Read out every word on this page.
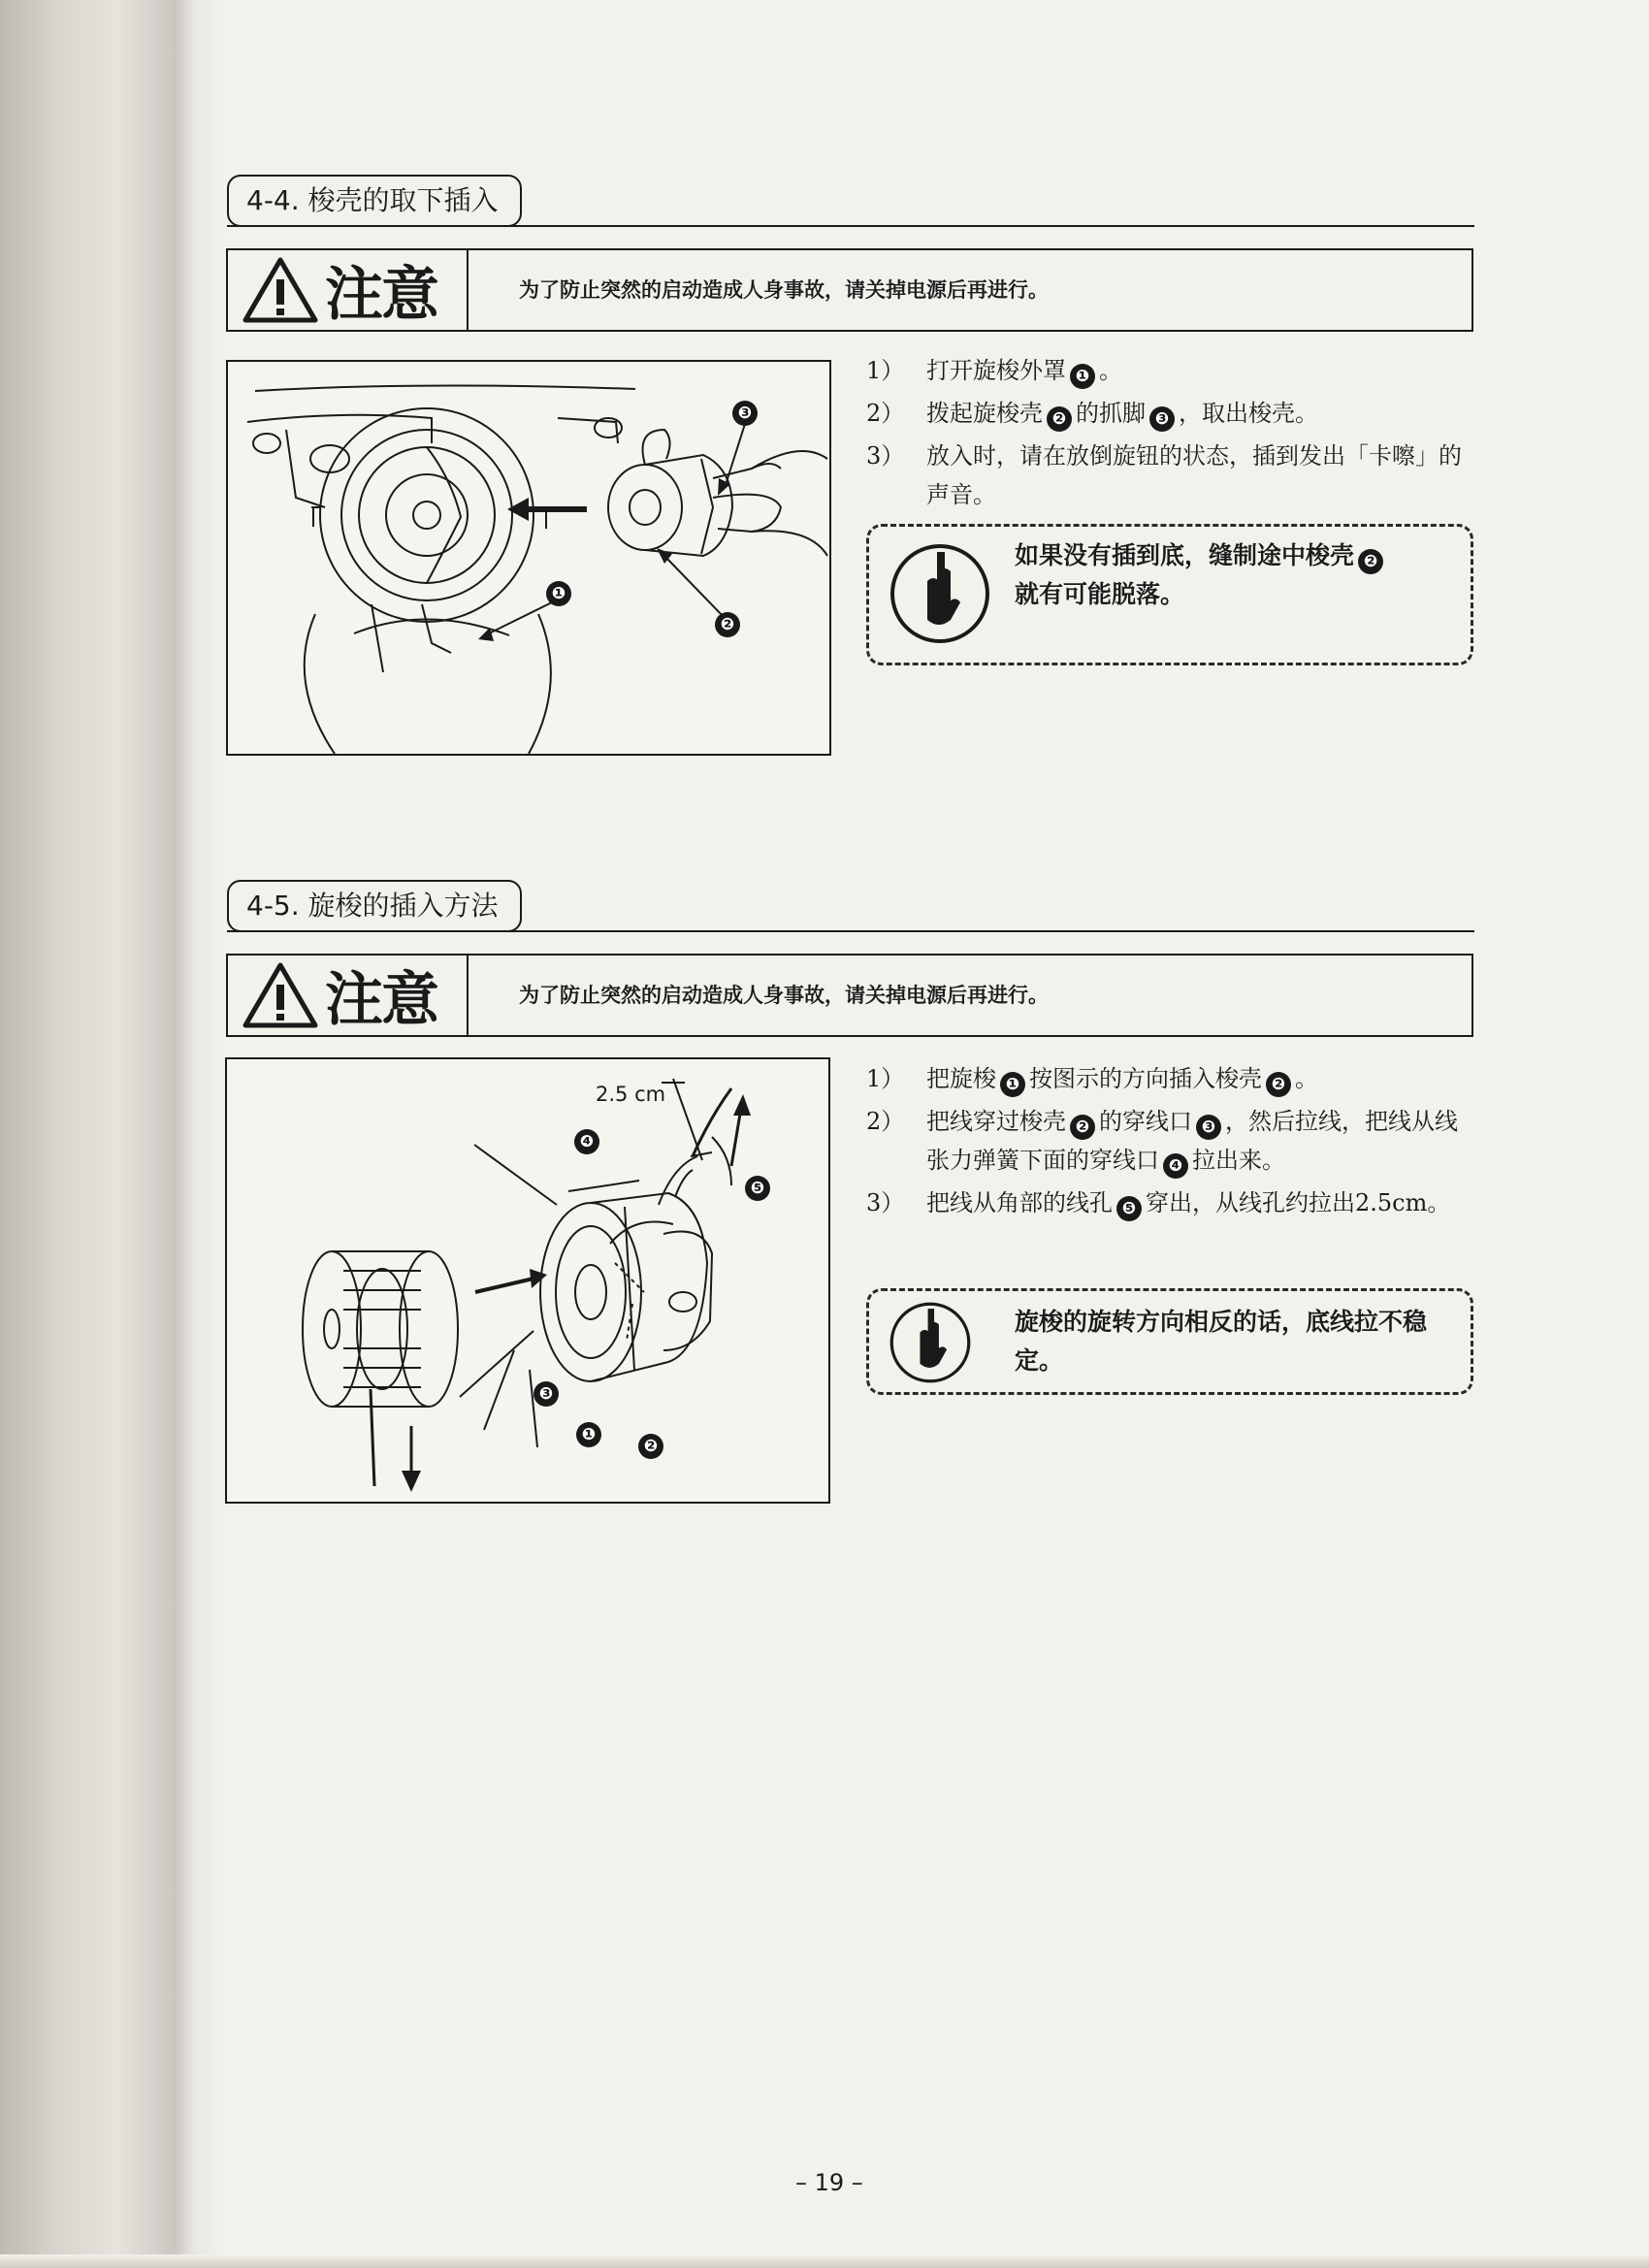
4-4. 梭壳的取下插入
注意	为了防止突然的启动造成人身事故，请关掉电源后再进行。
❸
❶
❷
1） 打开旋梭外罩 ❶ 。
2） 拨起旋梭壳 ❷ 的抓脚 ❸ ，取出梭壳。
3） 放入时，请在放倒旋钮的状态，插到发出「卡嚓」的声音。
如果没有插到底，缝制途中梭壳 ❷
就有可能脱落。
4-5. 旋梭的插入方法
注意	为了防止突然的启动造成人身事故，请关掉电源后再进行。
2.5 cm
❹
❺
❸
❶
❷
1） 把旋梭 ❶ 按图示的方向插入梭壳 ❷ 。
2） 把线穿过梭壳 ❷ 的穿线口 ❸ ，然后拉线，把线从线张力弹簧下面的穿线口 ❹ 拉出来。
3） 把线从角部的线孔 ❺ 穿出，从线孔约拉出2.5cm。
旋梭的旋转方向相反的话，底线拉不稳定。
– 19 –
